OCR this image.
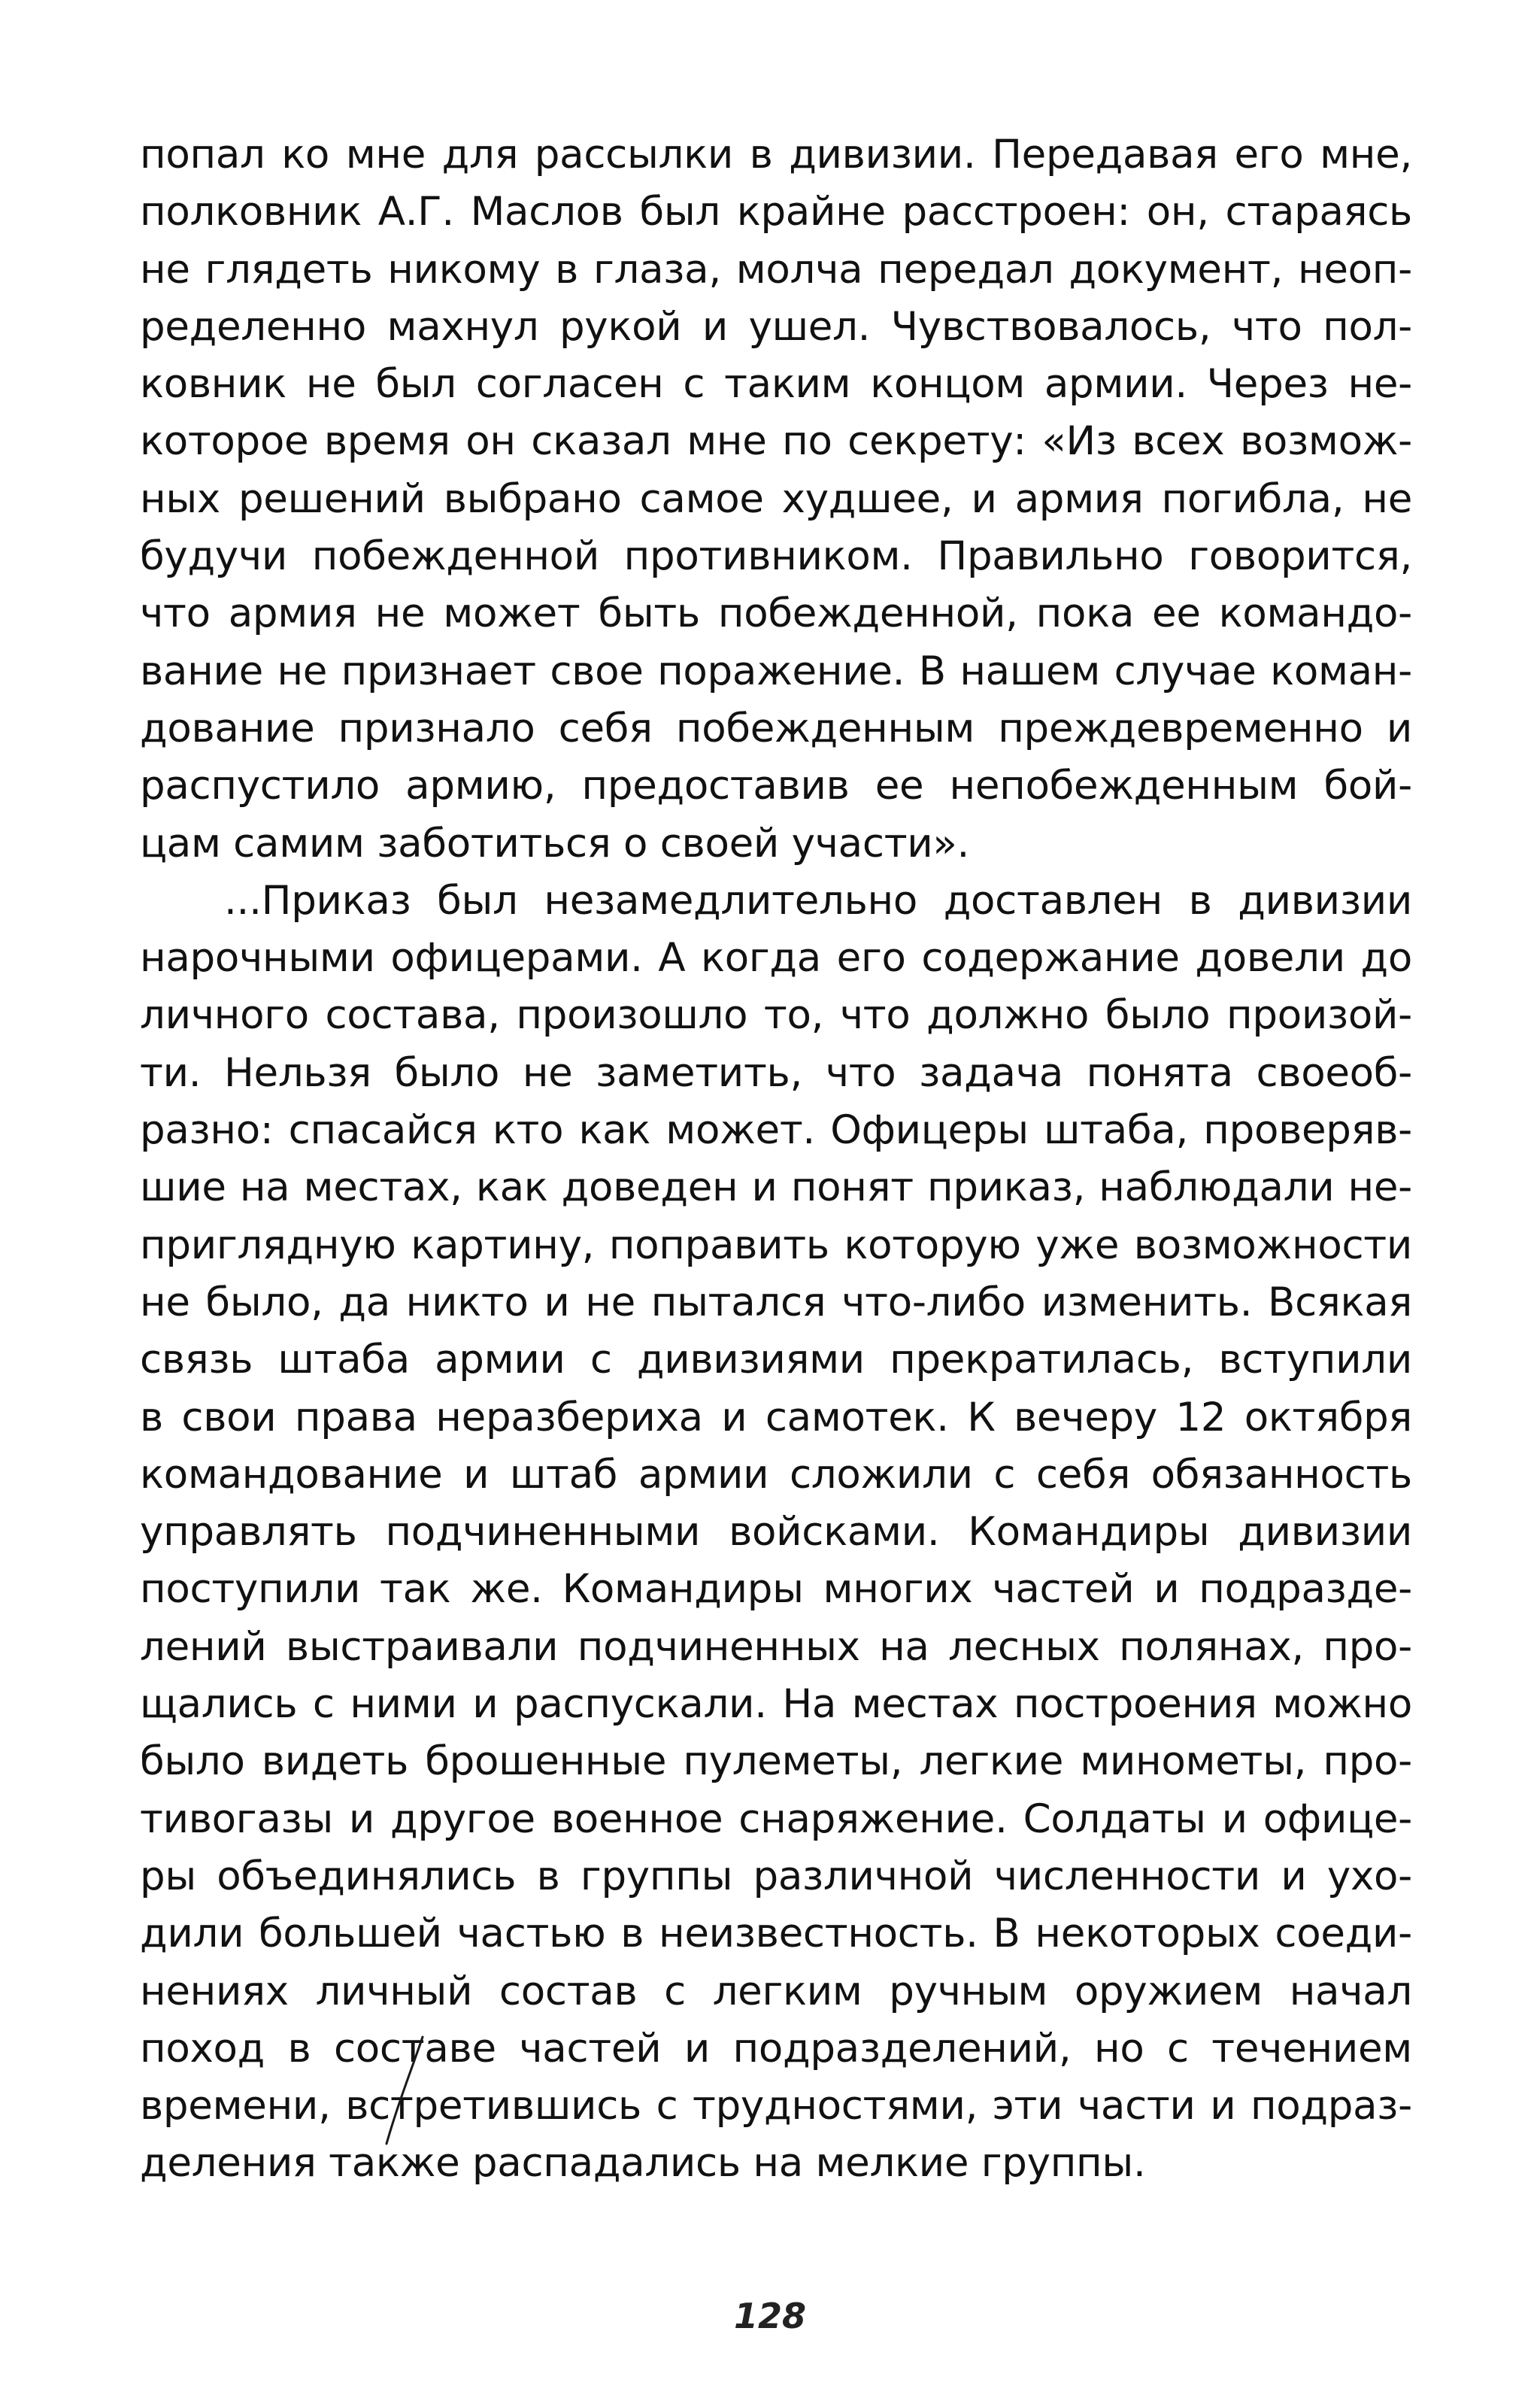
попал ко мне для рассылки в дивизии. Передавая его мне,
полковник А.Г. Маслов был крайне расстроен: он, стараясь
не глядеть никому в глаза, молча передал документ, неоп-
ределенно махнул рукой и ушел. Чувствовалось, что пол-
ковник не был согласен с таким концом армии. Через не-
которое время он сказал мне по секрету: «Из всех возмож-
ных решений выбрано самое худшее, и армия погибла, не
будучи побежденной противником. Правильно говорится,
что армия не может быть побежденной, пока ее командо-
вание не признает свое поражение. В нашем случае коман-
дование признало себя побежденным преждевременно и
распустило армию, предоставив ее непобежденным бой-
цам самим заботиться о своей участи».
...Приказ был незамедлительно доставлен в дивизии
нарочными офицерами. А когда его содержание довели до
личного состава, произошло то, что должно было произой-
ти. Нельзя было не заметить, что задача понята своеоб-
разно: спасайся кто как может. Офицеры штаба, проверяв-
шие на местах, как доведен и понят приказ, наблюдали не-
приглядную картину, поправить которую уже возможности
не было, да никто и не пытался что-либо изменить. Всякая
связь штаба армии с дивизиями прекратилась, вступили
в свои права неразбериха и самотек. К вечеру 12 октября
командование и штаб армии сложили с себя обязанность
управлять подчиненными войсками. Командиры дивизии
поступили так же. Командиры многих частей и подразде-
лений выстраивали подчиненных на лесных полянах, про-
щались с ними и распускали. На местах построения можно
было видеть брошенные пулеметы, легкие минометы, про-
тивогазы и другое военное снаряжение. Солдаты и офице-
ры объединялись в группы различной численности и ухо-
дили большей частью в неизвестность. В некоторых соеди-
нениях личный состав с легким ручным оружием начал
поход в составе частей и подразделений, но с течением
времени, встретившись с трудностями, эти части и подраз-
деления также распадались на мелкие группы.
128
